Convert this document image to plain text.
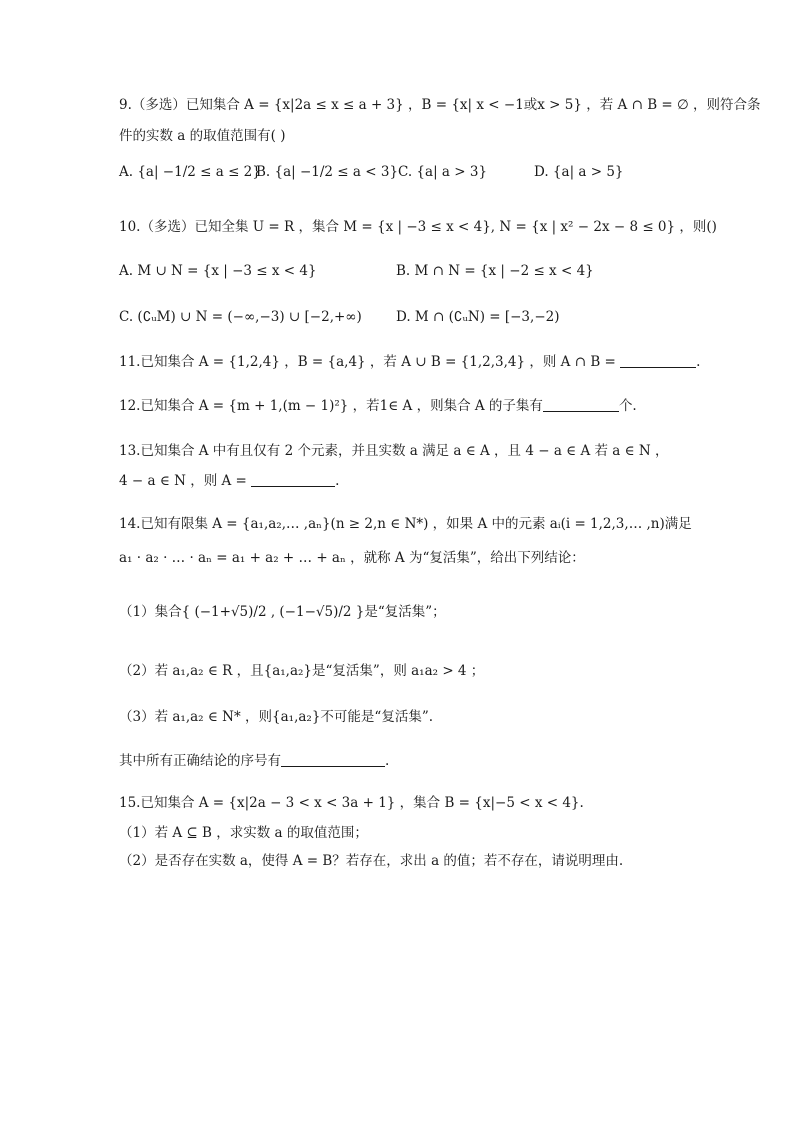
9.（多选）已知集合 A = {x|2a ≤ x ≤ a + 3} ，B = {x| x < −1或x > 5} ，若 A ∩ B = ∅ ，则符合条
件的实数 a 的取值范围有( )
A. {a| −1/2 ≤ a ≤ 2}
B. {a| −1/2 ≤ a < 3} C. {a| a > 3}	D. {a| a > 5}
10.（多选）已知全集 U = R ，集合 M = {x | −3 ≤ x < 4}, N = {x | x² − 2x − 8 ≤ 0} ，则()
A. M ∪ N = {x | −3 ≤ x < 4}	B. M ∩ N = {x | −2 ≤ x < 4}
C. (∁ᵤM) ∪ N = (−∞,−3) ∪ [−2,+∞)	D. M ∩ (∁ᵤN) = [−3,−2)
11.已知集合 A = {1,2,4} ，B = {a,4} ，若 A ∪ B = {1,2,3,4} ，则 A ∩ B =	.
12.已知集合 A = {m + 1,(m − 1)²} ，若1∈ A ，则集合 A 的子集有	个.
13.已知集合 A 中有且仅有 2 个元素，并且实数 a 满足 a ∈ A ，且 4 − a ∈ A 若 a ∈ N ，
4 − a ∈ N ，则 A =	.
14.已知有限集 A = {a₁,a₂,… ,aₙ}(n ≥ 2,n ∈ N*) ，如果 A 中的元素 aᵢ(i = 1,2,3,… ,n)满足
a₁ · a₂ · … · aₙ = a₁ + a₂ + … + aₙ ，就称 A 为“复活集”，给出下列结论：
（1）集合{ (−1+√5)/2 , (−1−√5)/2 }是“复活集”；
（2）若 a₁,a₂ ∈ R ，且{a₁,a₂}是“复活集”，则 a₁a₂ > 4 ；
（3）若 a₁,a₂ ∈ N* ，则{a₁,a₂}不可能是“复活集”.
其中所有正确结论的序号有	.
15.已知集合 A = {x|2a − 3 < x < 3a + 1} ，集合 B = {x|−5 < x < 4}.
（1）若 A ⊆ B ，求实数 a 的取值范围；
（2）是否存在实数 a，使得 A = B？若存在，求出 a 的值；若不存在，请说明理由.
